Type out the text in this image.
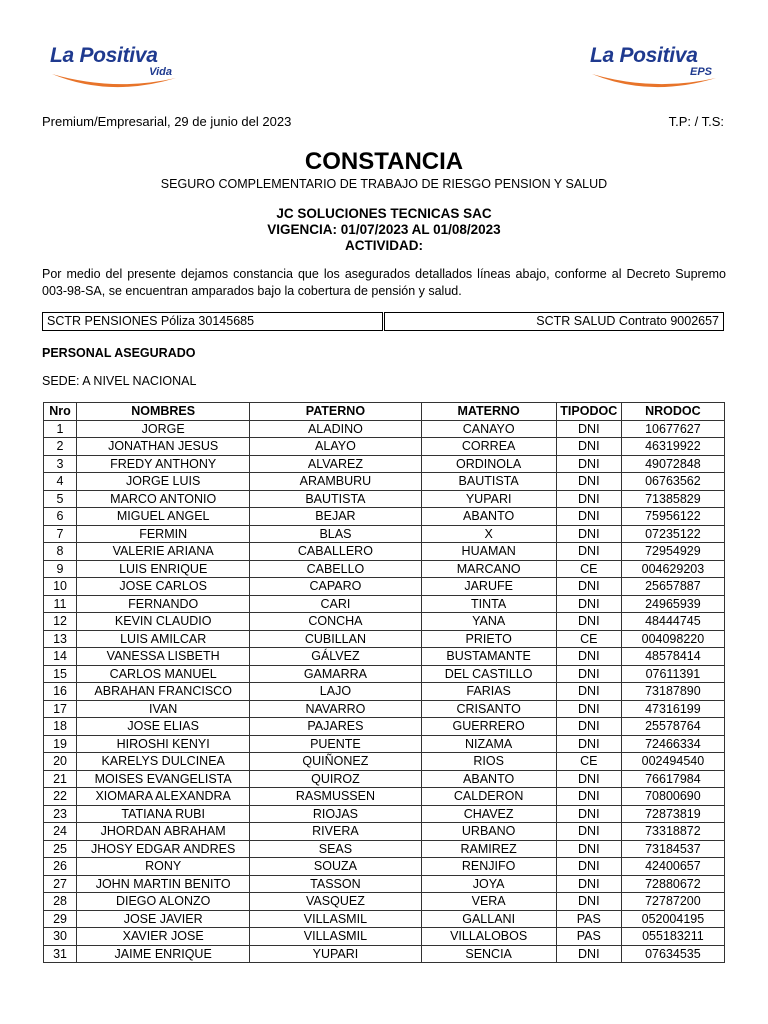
La Positiva
Vida
La Positiva
EPS
Premium/Empresarial, 29 de junio del 2023	T.P: / T.S:
CONSTANCIA
SEGURO COMPLEMENTARIO DE TRABAJO DE RIESGO PENSION Y SALUD
JC SOLUCIONES TECNICAS SAC
VIGENCIA: 01/07/2023 AL 01/08/2023
ACTIVIDAD:
Por medio del presente dejamos constancia que los asegurados detallados líneas abajo, conforme al Decreto Supremo 003-98-SA, se encuentran amparados bajo la cobertura de pensión y salud.
SCTR PENSIONES Póliza 30145685	SCTR SALUD Contrato 9002657
PERSONAL ASEGURADO
SEDE: A NIVEL NACIONAL
Nro	NOMBRES	PATERNO	MATERNO	TIPODOC	NRODOC
1	JORGE	ALADINO	CANAYO	DNI	10677627
2	JONATHAN JESUS	ALAYO	CORREA	DNI	46319922
3	FREDY ANTHONY	ALVAREZ	ORDINOLA	DNI	49072848
4	JORGE LUIS	ARAMBURU	BAUTISTA	DNI	06763562
5	MARCO ANTONIO	BAUTISTA	YUPARI	DNI	71385829
6	MIGUEL ANGEL	BEJAR	ABANTO	DNI	75956122
7	FERMIN	BLAS	X	DNI	07235122
8	VALERIE ARIANA	CABALLERO	HUAMAN	DNI	72954929
9	LUIS ENRIQUE	CABELLO	MARCANO	CE	004629203
10	JOSE CARLOS	CAPARO	JARUFE	DNI	25657887
11	FERNANDO	CARI	TINTA	DNI	24965939
12	KEVIN CLAUDIO	CONCHA	YANA	DNI	48444745
13	LUIS AMILCAR	CUBILLAN	PRIETO	CE	004098220
14	VANESSA LISBETH	GÁLVEZ	BUSTAMANTE	DNI	48578414
15	CARLOS MANUEL	GAMARRA	DEL CASTILLO	DNI	07611391
16	ABRAHAN FRANCISCO	LAJO	FARIAS	DNI	73187890
17	IVAN	NAVARRO	CRISANTO	DNI	47316199
18	JOSE ELIAS	PAJARES	GUERRERO	DNI	25578764
19	HIROSHI KENYI	PUENTE	NIZAMA	DNI	72466334
20	KARELYS DULCINEA	QUIÑONEZ	RIOS	CE	002494540
21	MOISES EVANGELISTA	QUIROZ	ABANTO	DNI	76617984
22	XIOMARA ALEXANDRA	RASMUSSEN	CALDERON	DNI	70800690
23	TATIANA RUBI	RIOJAS	CHAVEZ	DNI	72873819
24	JHORDAN ABRAHAM	RIVERA	URBANO	DNI	73318872
25	JHOSY EDGAR ANDRES	SEAS	RAMIREZ	DNI	73184537
26	RONY	SOUZA	RENJIFO	DNI	42400657
27	JOHN MARTIN BENITO	TASSON	JOYA	DNI	72880672
28	DIEGO ALONZO	VASQUEZ	VERA	DNI	72787200
29	JOSE JAVIER	VILLASMIL	GALLANI	PAS	052004195
30	XAVIER JOSE	VILLASMIL	VILLALOBOS	PAS	055183211
31	JAIME ENRIQUE	YUPARI	SENCIA	DNI	07634535
